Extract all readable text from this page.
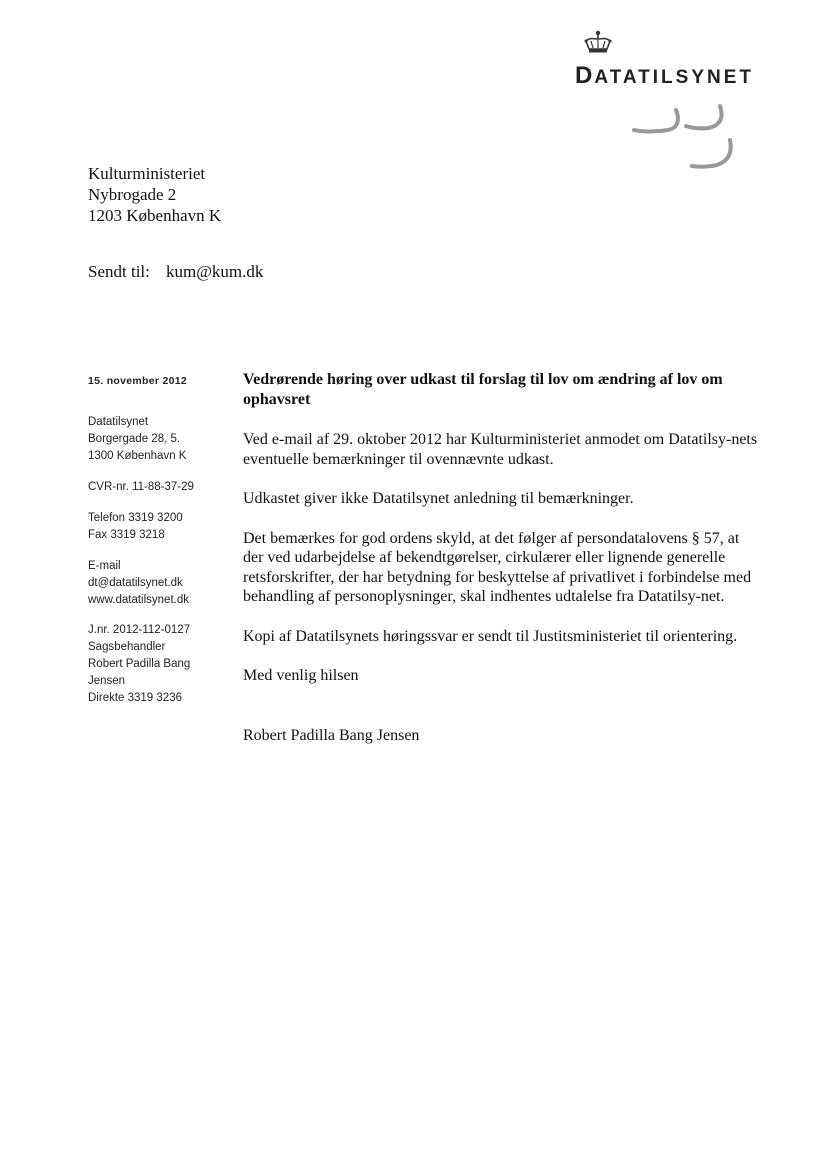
DATATILSYNET
Kulturministeriet
Nybrogade 2
1203 København K
Sendt til: kum@kum.dk
15. november 2012
Datatilsynet
Borgergade 28, 5.
1300 København K
CVR-nr. 11-88-37-29
Telefon 3319 3200
Fax 3319 3218
E-mail
dt@datatilsynet.dk
www.datatilsynet.dk
J.nr. 2012-112-0127
Sagsbehandler
Robert Padilla Bang
Jensen
Direkte 3319 3236
Vedrørende høring over udkast til forslag til lov om ændring af lov om ophavsret

Ved e-mail af 29. oktober 2012 har Kulturministeriet anmodet om Datatilsy-nets eventuelle bemærkninger til ovennævnte udkast.

Udkastet giver ikke Datatilsynet anledning til bemærkninger.

Det bemærkes for god ordens skyld, at det følger af persondatalovens § 57, at der ved udarbejdelse af bekendtgørelser, cirkulærer eller lignende generelle retsforskrifter, der har betydning for beskyttelse af privatlivet i forbindelse med behandling af personoplysninger, skal indhentes udtalelse fra Datatilsy-net.

Kopi af Datatilsynets høringssvar er sendt til Justitsministeriet til orientering.

Med venlig hilsen

Robert Padilla Bang Jensen
